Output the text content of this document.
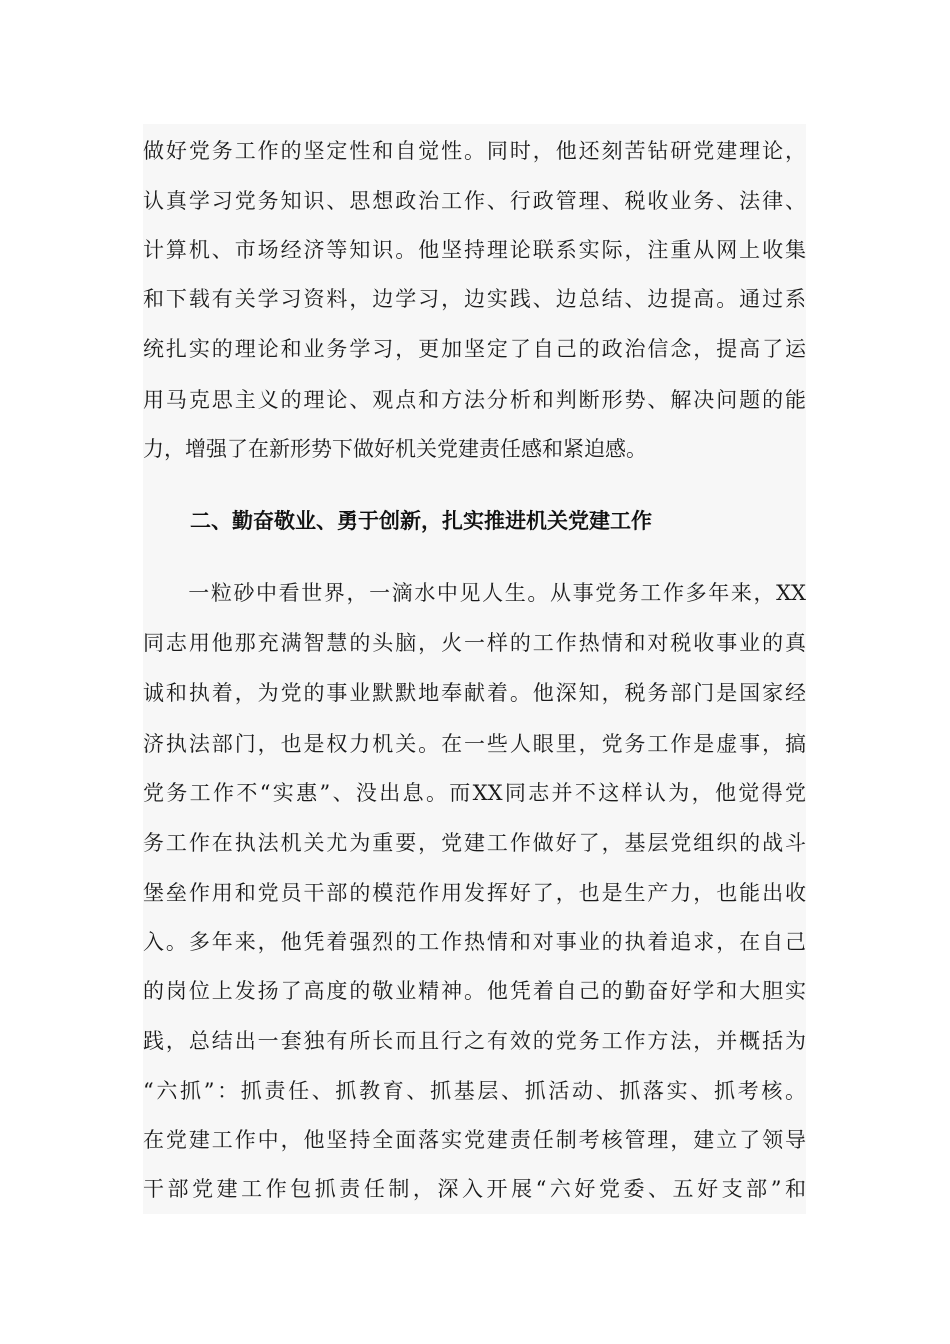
做好党务工作的坚定性和自觉性。同时，他还刻苦钻研党建理论，
认真学习党务知识、思想政治工作、行政管理、税收业务、法律、
计算机、市场经济等知识。他坚持理论联系实际，注重从网上收集
和下载有关学习资料，边学习，边实践、边总结、边提高。通过系
统扎实的理论和业务学习，更加坚定了自己的政治信念，提高了运
用马克思主义的理论、观点和方法分析和判断形势、解决问题的能
力，增强了在新形势下做好机关党建责任感和紧迫感。
二、勤奋敬业、勇于创新，扎实推进机关党建工作
　　一粒砂中看世界，一滴水中见人生。从事党务工作多年来，XX
同志用他那充满智慧的头脑，火一样的工作热情和对税收事业的真
诚和执着，为党的事业默默地奉献着。他深知，税务部门是国家经
济执法部门，也是权力机关。在一些人眼里，党务工作是虚事，搞
党务工作不“实惠”、没出息。而XX同志并不这样认为，他觉得党
务工作在执法机关尤为重要，党建工作做好了，基层党组织的战斗
堡垒作用和党员干部的模范作用发挥好了，也是生产力，也能出收
入。多年来，他凭着强烈的工作热情和对事业的执着追求，在自己
的岗位上发扬了高度的敬业精神。他凭着自己的勤奋好学和大胆实
践，总结出一套独有所长而且行之有效的党务工作方法，并概括为
“六抓”：抓责任、抓教育、抓基层、抓活动、抓落实、抓考核。
在党建工作中，他坚持全面落实党建责任制考核管理，建立了领导
干部党建工作包抓责任制，深入开展“六好党委、五好支部”和
